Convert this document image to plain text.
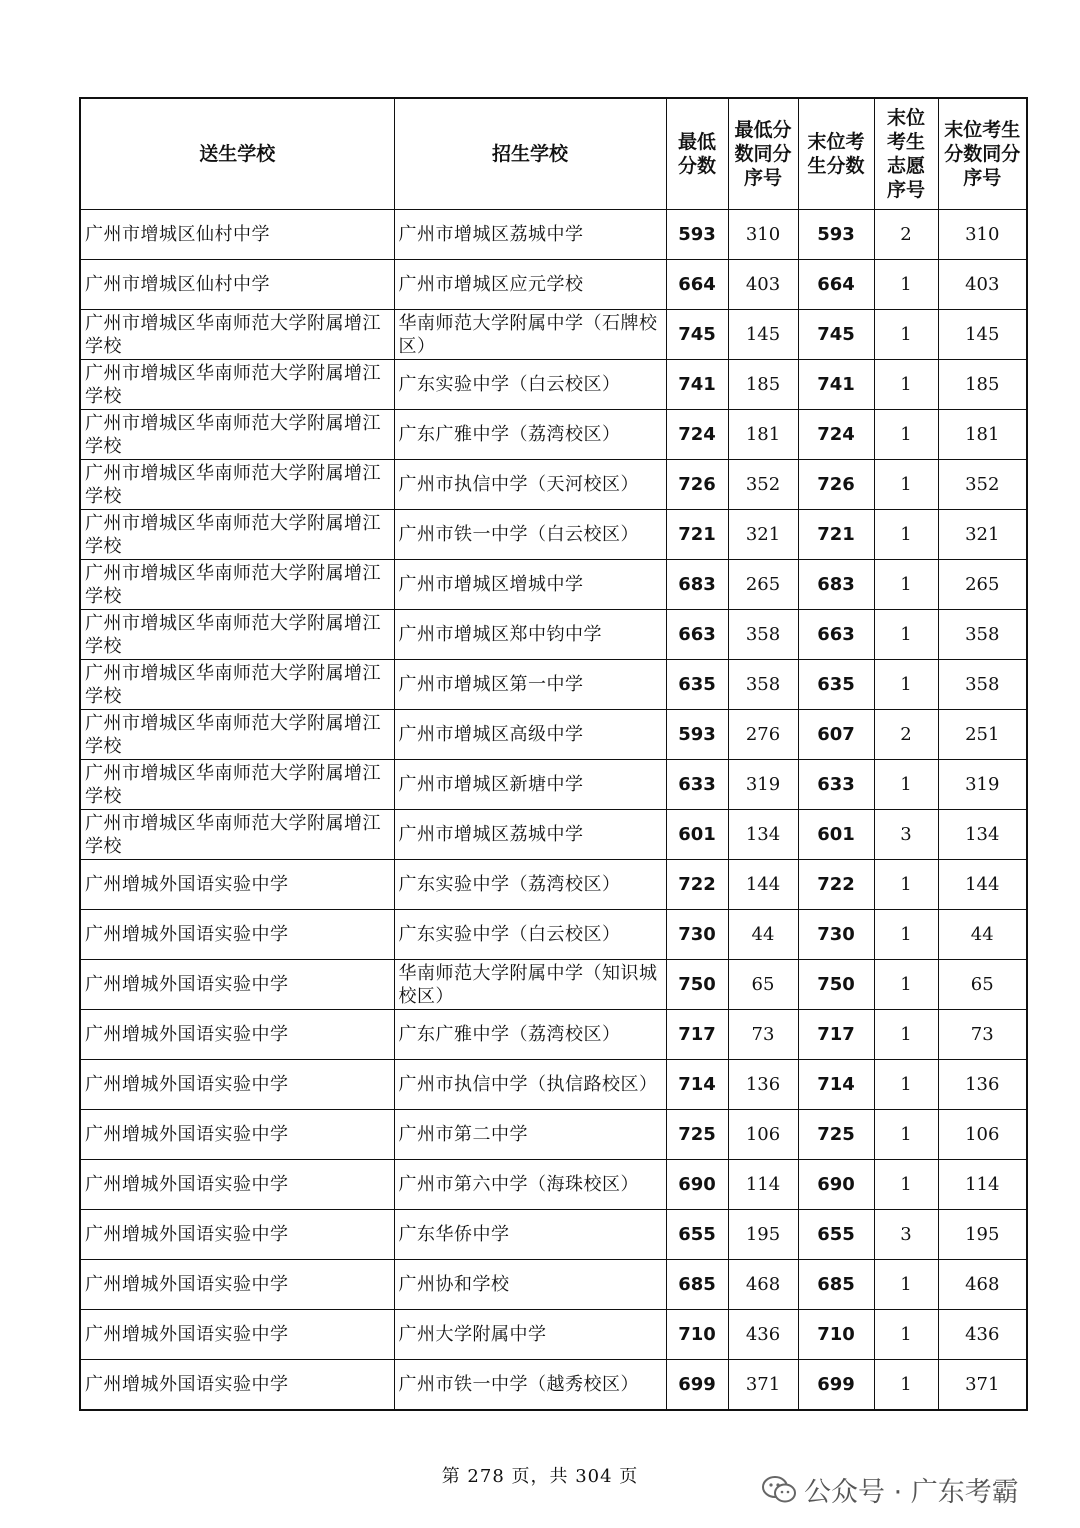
送生学校	招生学校	最低分数	最低分数同分序号	末位考生分数	末位考生志愿序号	末位考生分数同分序号

广州市增城区仙村中学	广州市增城区荔城中学	593	310	593	2	310
广州市增城区仙村中学	广州市增城区应元学校	664	403	664	1	403
广州市增城区华南师范大学附属增江学校	华南师范大学附属中学（石牌校区）	745	145	745	1	145
广州市增城区华南师范大学附属增江学校	广东实验中学（白云校区）	741	185	741	1	185
广州市增城区华南师范大学附属增江学校	广东广雅中学（荔湾校区）	724	181	724	1	181
广州市增城区华南师范大学附属增江学校	广州市执信中学（天河校区）	726	352	726	1	352
广州市增城区华南师范大学附属增江学校	广州市铁一中学（白云校区）	721	321	721	1	321
广州市增城区华南师范大学附属增江学校	广州市增城区增城中学	683	265	683	1	265
广州市增城区华南师范大学附属增江学校	广州市增城区郑中钧中学	663	358	663	1	358
广州市增城区华南师范大学附属增江学校	广州市增城区第一中学	635	358	635	1	358
广州市增城区华南师范大学附属增江学校	广州市增城区高级中学	593	276	607	2	251
广州市增城区华南师范大学附属增江学校	广州市增城区新塘中学	633	319	633	1	319
广州市增城区华南师范大学附属增江学校	广州市增城区荔城中学	601	134	601	3	134
广州增城外国语实验中学	广东实验中学（荔湾校区）	722	144	722	1	144
广州增城外国语实验中学	广东实验中学（白云校区）	730	44	730	1	44
广州增城外国语实验中学	华南师范大学附属中学（知识城校区）	750	65	750	1	65
广州增城外国语实验中学	广东广雅中学（荔湾校区）	717	73	717	1	73
广州增城外国语实验中学	广州市执信中学（执信路校区）	714	136	714	1	136
广州增城外国语实验中学	广州市第二中学	725	106	725	1	106
广州增城外国语实验中学	广州市第六中学（海珠校区）	690	114	690	1	114
广州增城外国语实验中学	广东华侨中学	655	195	655	3	195
广州增城外国语实验中学	广州协和学校	685	468	685	1	468
广州增城外国语实验中学	广州大学附属中学	710	436	710	1	436
广州增城外国语实验中学	广州市铁一中学（越秀校区）	699	371	699	1	371
第 278 页，共 304 页
公众号 · 广东考霸
